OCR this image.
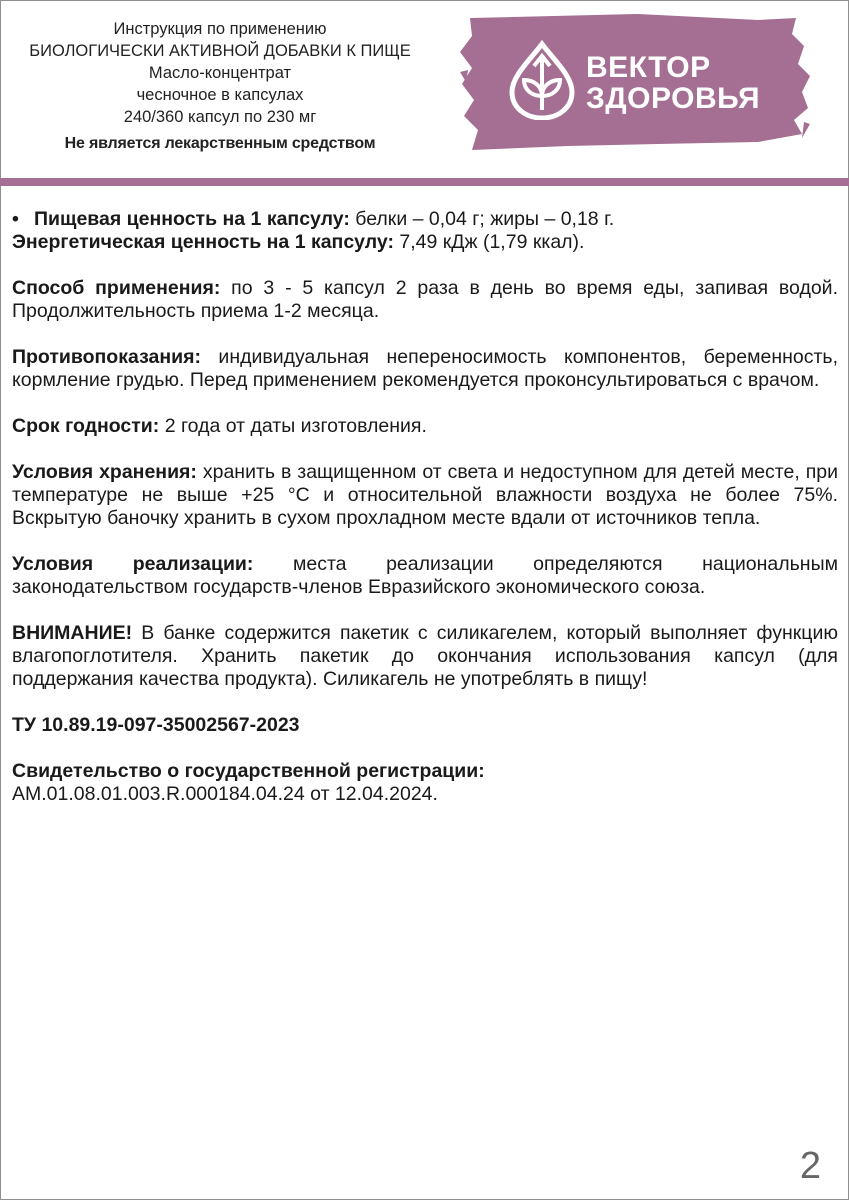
Инструкция по применению
БИОЛОГИЧЕСКИ АКТИВНОЙ ДОБАВКИ К ПИЩЕ
Масло-концентрат
чесночное в капсулах
240/360 капсул по 230 мг
Не является лекарственным средством
ВЕКТОР
ЗДОРОВЬЯ

• Пищевая ценность на 1 капсулу: белки – 0,04 г; жиры – 0,18 г.

Энергетическая ценность на 1 капсулу: 7,49 кДж (1,79 ккал).

Способ применения: по 3 - 5 капсул 2 раза в день во время еды, запивая водой. Продолжительность приема 1-2 месяца.

Противопоказания: индивидуальная непереносимость компонентов, беременность, кормление грудью. Перед применением рекомендуется проконсультироваться с врачом.

Срок годности: 2 года от даты изготовления.

Условия хранения: хранить в защищенном от света и недоступном для детей месте, при температуре не выше +25 °С и относительной влажности воздуха не более 75%. Вскрытую баночку хранить в сухом прохладном месте вдали от источников тепла.

Условия реализации: места реализации определяются национальным законодательством государств-членов Евразийского экономического союза.

ВНИМАНИЕ! В банке содержится пакетик с силикагелем, который выполняет функцию влагопоглотителя. Хранить пакетик до окончания использования капсул (для поддержания качества продукта). Силикагель не употреблять в пищу!

ТУ 10.89.19-097-35002567-2023

Свидетельство о государственной регистрации:
АМ.01.08.01.003.R.000184.04.24 от 12.04.2024.

2
